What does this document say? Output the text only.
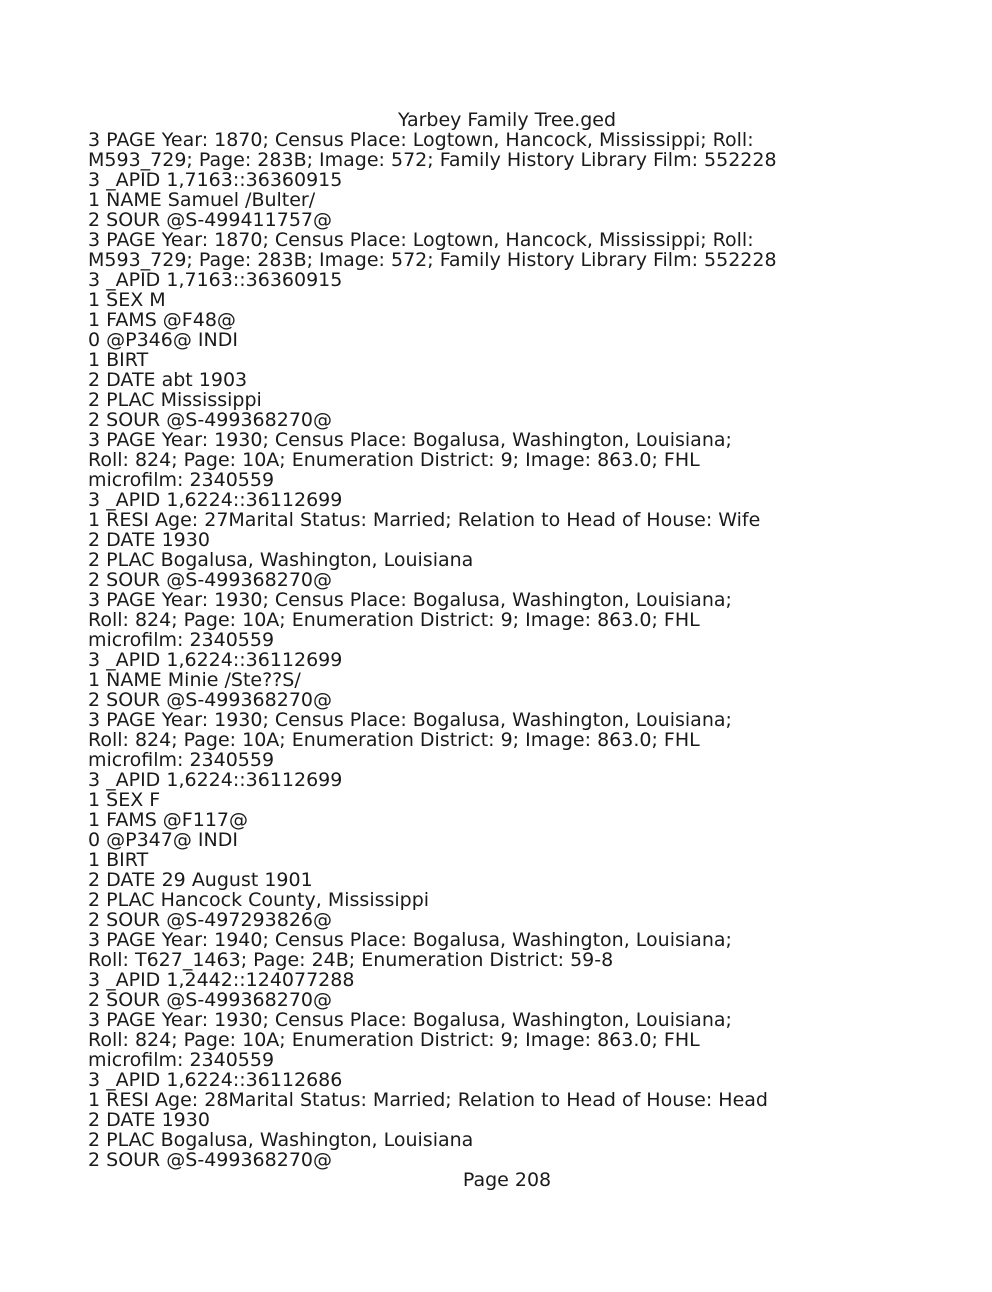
Yarbey Family Tree.ged
3 PAGE Year: 1870; Census Place: Logtown, Hancock, Mississippi; Roll:
M593_729; Page: 283B; Image: 572; Family History Library Film: 552228
3 _APID 1,7163::36360915
1 NAME Samuel /Bulter/
2 SOUR @S-499411757@
3 PAGE Year: 1870; Census Place: Logtown, Hancock, Mississippi; Roll:
M593_729; Page: 283B; Image: 572; Family History Library Film: 552228
3 _APID 1,7163::36360915
1 SEX M
1 FAMS @F48@
0 @P346@ INDI
1 BIRT
2 DATE abt 1903
2 PLAC Mississippi
2 SOUR @S-499368270@
3 PAGE Year: 1930; Census Place: Bogalusa, Washington, Louisiana;
Roll: 824; Page: 10A; Enumeration District: 9; Image: 863.0; FHL
microfilm: 2340559
3 _APID 1,6224::36112699
1 RESI Age: 27Marital Status: Married; Relation to Head of House: Wife
2 DATE 1930
2 PLAC Bogalusa, Washington, Louisiana
2 SOUR @S-499368270@
3 PAGE Year: 1930; Census Place: Bogalusa, Washington, Louisiana;
Roll: 824; Page: 10A; Enumeration District: 9; Image: 863.0; FHL
microfilm: 2340559
3 _APID 1,6224::36112699
1 NAME Minie /Ste??S/
2 SOUR @S-499368270@
3 PAGE Year: 1930; Census Place: Bogalusa, Washington, Louisiana;
Roll: 824; Page: 10A; Enumeration District: 9; Image: 863.0; FHL
microfilm: 2340559
3 _APID 1,6224::36112699
1 SEX F
1 FAMS @F117@
0 @P347@ INDI
1 BIRT
2 DATE 29 August 1901
2 PLAC Hancock County, Mississippi
2 SOUR @S-497293826@
3 PAGE Year: 1940; Census Place: Bogalusa, Washington, Louisiana;
Roll: T627_1463; Page: 24B; Enumeration District: 59-8
3 _APID 1,2442::124077288
2 SOUR @S-499368270@
3 PAGE Year: 1930; Census Place: Bogalusa, Washington, Louisiana;
Roll: 824; Page: 10A; Enumeration District: 9; Image: 863.0; FHL
microfilm: 2340559
3 _APID 1,6224::36112686
1 RESI Age: 28Marital Status: Married; Relation to Head of House: Head
2 DATE 1930
2 PLAC Bogalusa, Washington, Louisiana
2 SOUR @S-499368270@
Page 208
